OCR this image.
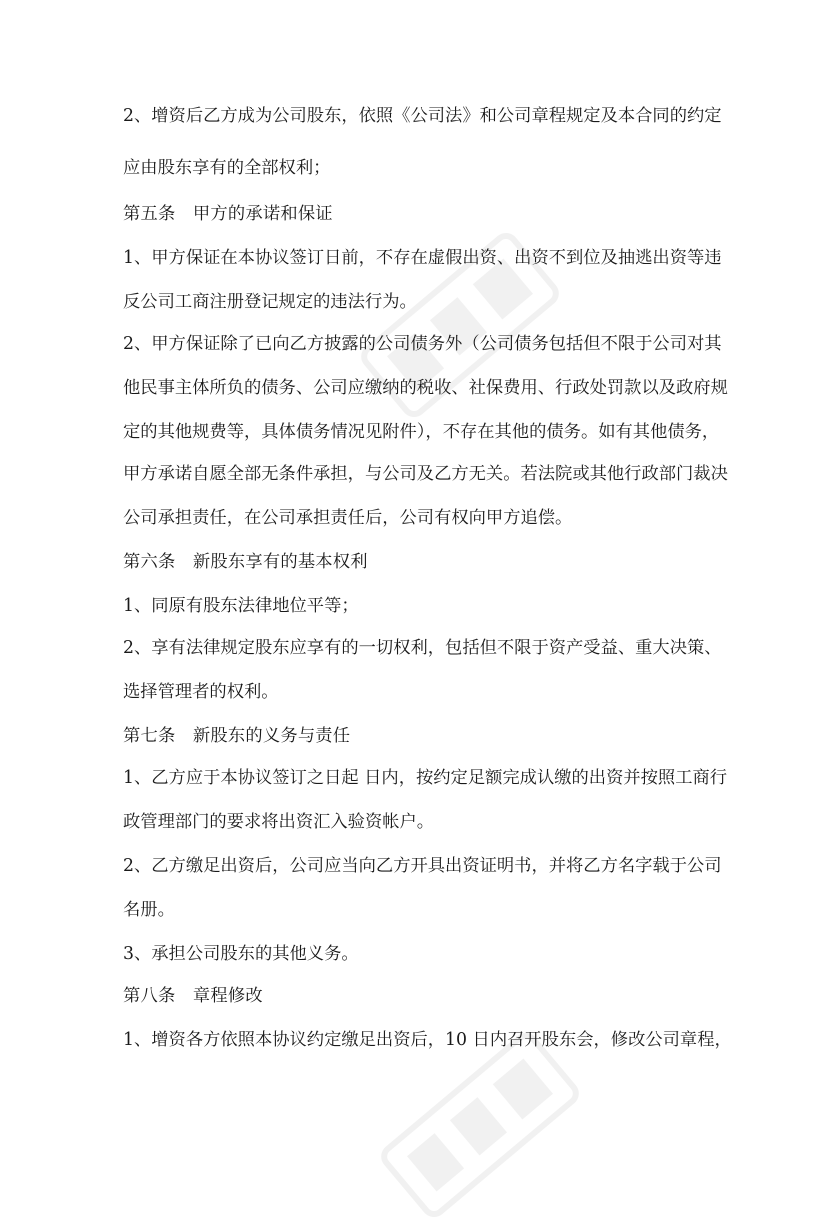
2、增资后乙方成为公司股东，依照《公司法》和公司章程规定及本合同的约定
应由股东享有的全部权利；
第五条　甲方的承诺和保证
1、甲方保证在本协议签订日前，不存在虚假出资、出资不到位及抽逃出资等违
反公司工商注册登记规定的违法行为。
2、甲方保证除了已向乙方披露的公司债务外（公司债务包括但不限于公司对其
他民事主体所负的债务、公司应缴纳的税收、社保费用、行政处罚款以及政府规
定的其他规费等，具体债务情况见附件），不存在其他的债务。如有其他债务，
甲方承诺自愿全部无条件承担，与公司及乙方无关。若法院或其他行政部门裁决
公司承担责任，在公司承担责任后，公司有权向甲方追偿。
第六条　新股东享有的基本权利
1、同原有股东法律地位平等；
2、享有法律规定股东应享有的一切权利，包括但不限于资产受益、重大决策、
选择管理者的权利。
第七条　新股东的义务与责任
1、乙方应于本协议签订之日起 日内，按约定足额完成认缴的出资并按照工商行
政管理部门的要求将出资汇入验资帐户。
2、乙方缴足出资后，公司应当向乙方开具出资证明书，并将乙方名字载于公司
名册。
3、承担公司股东的其他义务。
第八条　章程修改
1、增资各方依照本协议约定缴足出资后，10 日内召开股东会，修改公司章程，
